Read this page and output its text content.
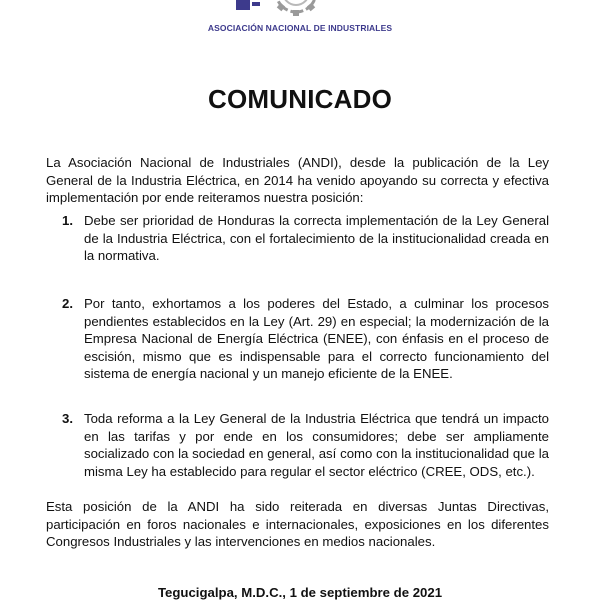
ASOCIACIÓN NACIONAL DE INDUSTRIALES
COMUNICADO
La Asociación Nacional de Industriales (ANDI), desde la publicación de la Ley General de la Industria Eléctrica, en 2014 ha venido apoyando su correcta y efectiva implementación por ende reiteramos nuestra posición:
1. Debe ser prioridad de Honduras la correcta implementación de la Ley General de la Industria Eléctrica, con el fortalecimiento de la institucionalidad creada en la normativa.
2. Por tanto, exhortamos a los poderes del Estado, a culminar los procesos pendientes establecidos en la Ley (Art. 29) en especial; la modernización de la Empresa Nacional de Energía Eléctrica (ENEE), con énfasis en el proceso de escisión, mismo que es indispensable para el correcto funcionamiento del sistema de energía nacional y un manejo eficiente de la ENEE.
3. Toda reforma a la Ley General de la Industria Eléctrica que tendrá un impacto en las tarifas y por ende en los consumidores; debe ser ampliamente socializado con la sociedad en general, así como con la institucionalidad que la misma Ley ha establecido para regular el sector eléctrico (CREE, ODS, etc.).
Esta posición de la ANDI ha sido reiterada en diversas Juntas Directivas, participación en foros nacionales e internacionales, exposiciones en los diferentes Congresos Industriales y las intervenciones en medios nacionales.
Tegucigalpa, M.D.C., 1 de septiembre de 2021
